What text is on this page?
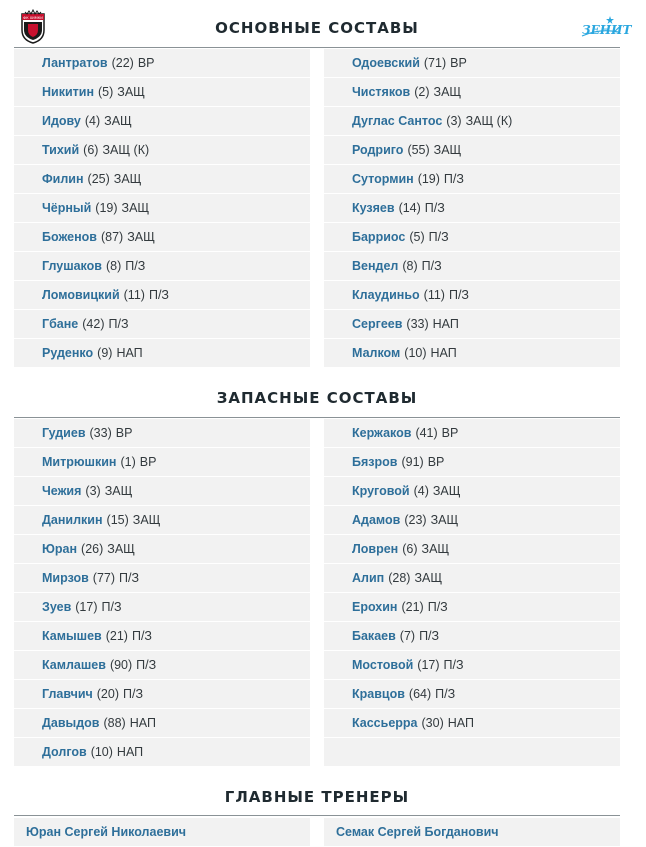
ФК ХИМКИ
ЗЕНИТ
ОСНОВНЫЕ СОСТАВЫ
Лантратов (22) ВР
Никитин (5) ЗАЩ
Идову (4) ЗАЩ
Тихий (6) ЗАЩ (К)
Филин (25) ЗАЩ
Чёрный (19) ЗАЩ
Боженов (87) ЗАЩ
Глушаков (8) П/З
Ломовицкий (11) П/З
Гбане (42) П/З
Руденко (9) НАП
Одоевский (71) ВР
Чистяков (2) ЗАЩ
Дуглас Сантос (3) ЗАЩ (К)
Родриго (55) ЗАЩ
Сутормин (19) П/З
Кузяев (14) П/З
Барриос (5) П/З
Вендел (8) П/З
Клаудиньо (11) П/З
Сергеев (33) НАП
Малком (10) НАП
ЗАПАСНЫЕ СОСТАВЫ
Гудиев (33) ВР
Митрюшкин (1) ВР
Чежия (3) ЗАЩ
Данилкин (15) ЗАЩ
Юран (26) ЗАЩ
Мирзов (77) П/З
Зуев (17) П/З
Камышев (21) П/З
Камлашев (90) П/З
Главчич (20) П/З
Давыдов (88) НАП
Долгов (10) НАП
Кержаков (41) ВР
Бязров (91) ВР
Круговой (4) ЗАЩ
Адамов (23) ЗАЩ
Ловрен (6) ЗАЩ
Алип (28) ЗАЩ
Ерохин (21) П/З
Бакаев (7) П/З
Мостовой (17) П/З
Кравцов (64) П/З
Кассьерра (30) НАП
ГЛАВНЫЕ ТРЕНЕРЫ
Юран Сергей Николаевич	Семак Сергей Богданович
